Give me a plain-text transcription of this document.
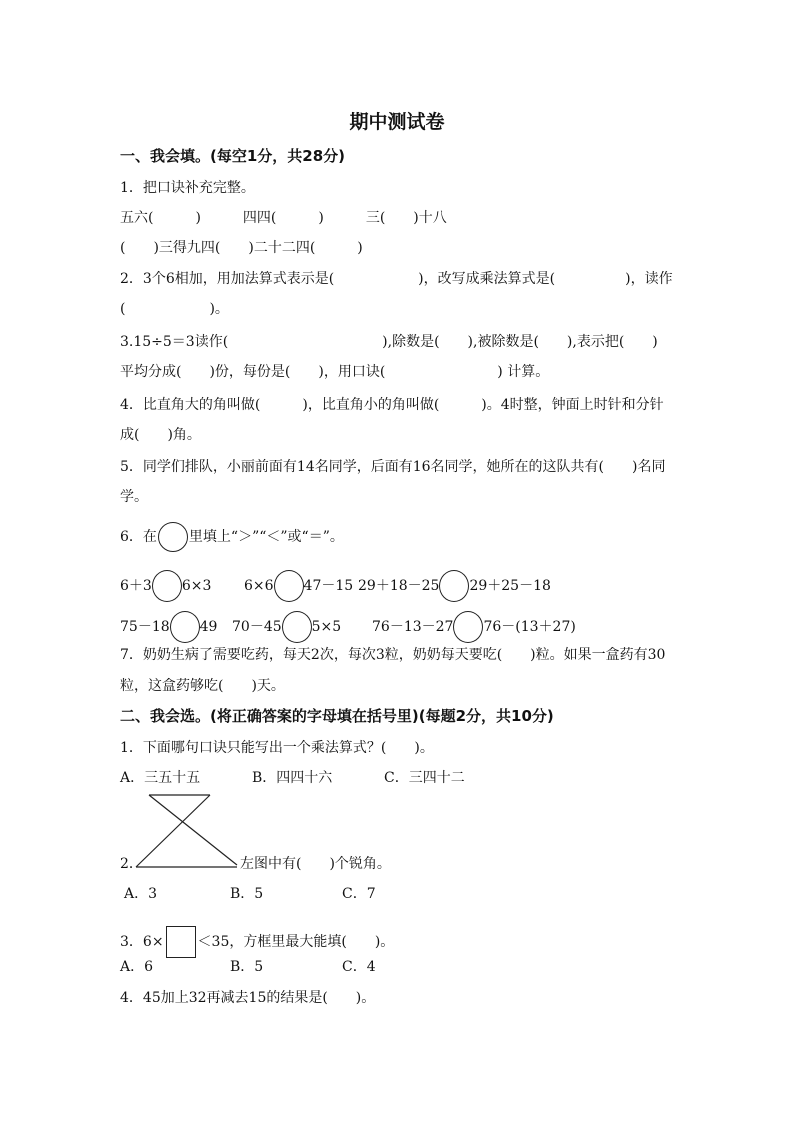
期中测试卷
一、我会填。(每空1分，共28分)
1．把口诀补充完整。
五六(　　　)　　　四四(　　　)　　　三(　　)十八
(　　)三得九四(　　)二十二四(　　　)
2．3个6相加，用加法算式表示是(　　　　　　)，改写成乘法算式是(　　　　　)，读作
(　　　　　　)。
3.15÷5＝3读作(　　　　　　　　　　　),除数是(　　),被除数是(　　),表示把(　　)
平均分成(　　)份，每份是(　　)，用口诀(　　　　　　　　) 计算。
4．比直角大的角叫做(　　　)，比直角小的角叫做(　　　)。4时整，钟面上时针和分针
成(　　)角。
5．同学们排队，小丽前面有14名同学，后面有16名同学，她所在的这队共有(　　)名同
学。
6．在 里填上“＞”“＜”或“＝”。
6＋3 6×3 6×6 47－15 29＋18－25 29＋25－18
75－18 49 70－45 5×5 76－13－27 76－(13＋27)
7．奶奶生病了需要吃药，每天2次，每次3粒，奶奶每天要吃(　　)粒。如果一盒药有30
粒，这盒药够吃(　　)天。
二、我会选。(将正确答案的字母填在括号里)(每题2分，共10分)
1．下面哪句口诀只能写出一个乘法算式？(　　)。
A．三五十五	B．四四十六	C．三四十二
2．	左图中有(　　)个锐角。
A．3	B．5	C．7
3．6× ＜35，方框里最大能填(　　)。
A．6	B．5	C．4
4．45加上32再减去15的结果是(　　)。
